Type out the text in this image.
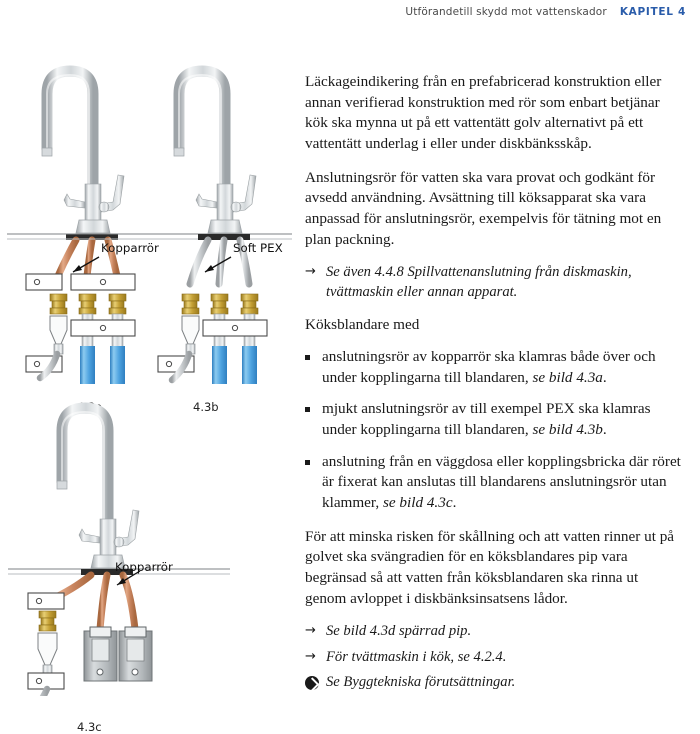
Utförandetill skydd mot vattenskador KAPITEL 4
Kopparrör	Soft PEX
4.3a	4.3b
Kopparrör
4.3c

Läckageindikering från en prefabricerad konstruktion eller annan verifierad konstruktion med rör som enbart betjänar kök ska mynna ut på ett vattentätt golv alternativt på ett vattentätt underlag i eller under diskbänksskåp.

Anslutningsrör för vatten ska vara provat och godkänt för avsedd användning. Avsättning till köksapparat ska vara anpassad för anslutningsrör, exempelvis för tätning mot en plan packning.

→ Se även 4.4.8 Spillvattenanslutning från diskmaskin, tvättmaskin eller annan apparat.

Köksblandare med

anslutningsrör av kopparrör ska klamras både över och under kopplingarna till blandaren, se bild 4.3a.
mjukt anslutningsrör av till exempel PEX ska klamras under kopplingarna till blandaren, se bild 4.3b.
anslutning från en väggdosa eller kopplingsbricka där röret är fixerat kan anslutas till blandarens anslutningsrör utan klammer, se bild 4.3c.

För att minska risken för skållning och att vatten rinner ut på golvet ska svängradien för en köksblandares pip vara begränsad så att vatten från köksblandaren ska rinna ut genom avloppet i diskbänksinsatsens lådor.

→ Se bild 4.3d spärrad pip.
→ För tvättmaskin i kök, se 4.2.4.
Se Byggtekniska förutsättningar.
